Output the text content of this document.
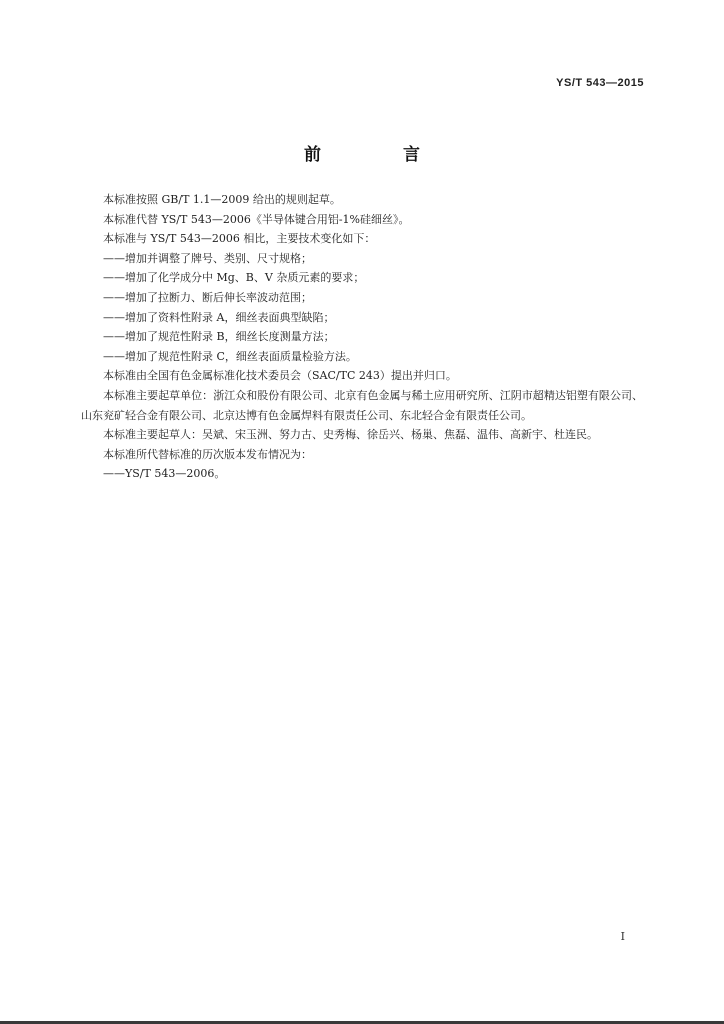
YS/T 543—2015
前 言

本标准按照 GB/T 1.1—2009 给出的规则起草。

本标准代替 YS/T 543—2006《半导体键合用铝-1%硅细丝》。

本标准与 YS/T 543—2006 相比，主要技术变化如下：

——增加并调整了牌号、类别、尺寸规格；

——增加了化学成分中 Mg、B、V 杂质元素的要求；

——增加了拉断力、断后伸长率波动范围；

——增加了资料性附录 A，细丝表面典型缺陷；

——增加了规范性附录 B，细丝长度测量方法；

——增加了规范性附录 C，细丝表面质量检验方法。

本标准由全国有色金属标准化技术委员会（SAC/TC 243）提出并归口。

本标准主要起草单位：浙江众和股份有限公司、北京有色金属与稀土应用研究所、江阴市超精达铝塑有限公司、山东兖矿轻合金有限公司、北京达博有色金属焊料有限责任公司、东北轻合金有限责任公司。

本标准主要起草人：吴斌、宋玉洲、努力古、史秀梅、徐岳兴、杨巢、焦磊、温伟、高新宇、杜连民。

本标准所代替标准的历次版本发布情况为：

——YS/T 543—2006。

I
